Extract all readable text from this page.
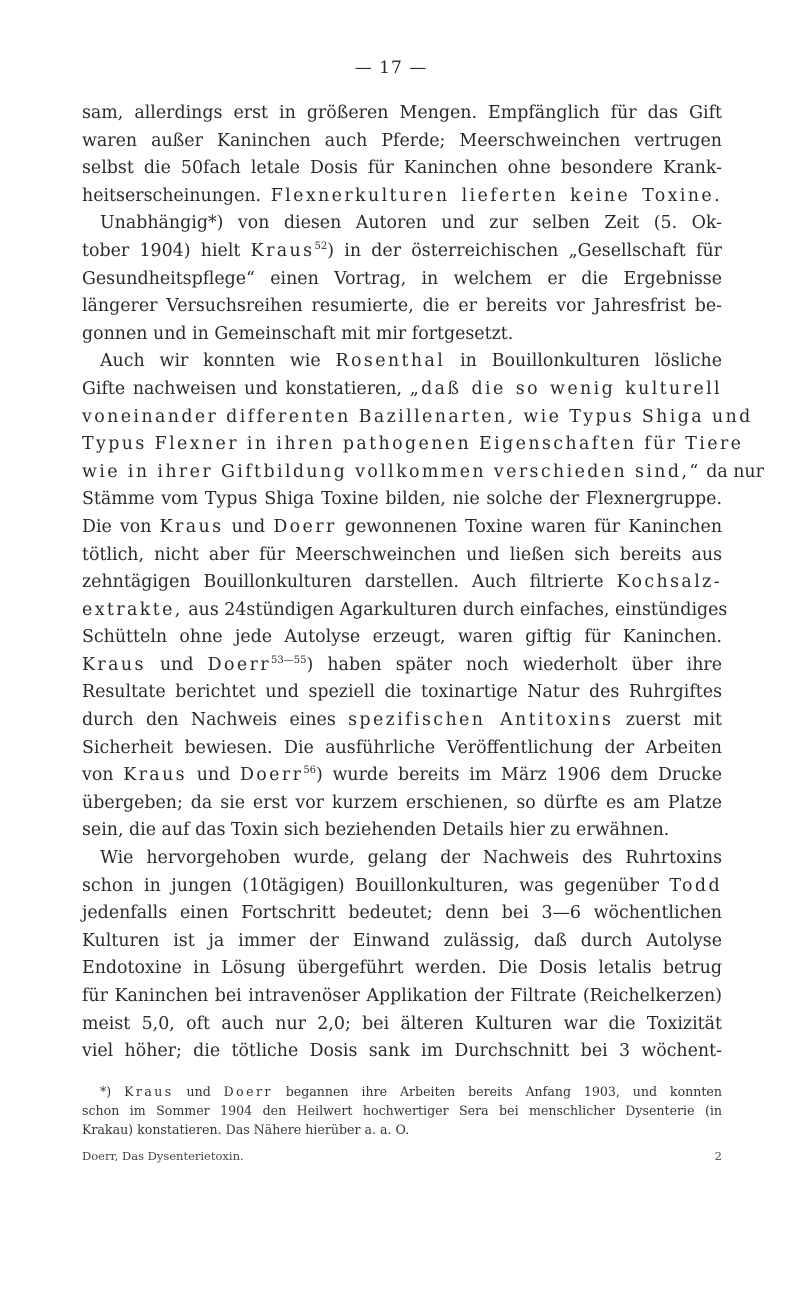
— 17 —
sam, allerdings erst in größeren Mengen. Empfänglich für das Gift
waren außer Kaninchen auch Pferde; Meerschweinchen vertrugen
selbst die 50fach letale Dosis für Kaninchen ohne besondere Krank-
heitserscheinungen. Flexnerkulturen lieferten keine Toxine.
Unabhängig*) von diesen Autoren und zur selben Zeit (5. Ok-
tober 1904) hielt Kraus$^{52}$) in der österreichischen „Gesellschaft für
Gesundheitspflege“ einen Vortrag, in welchem er die Ergebnisse
längerer Versuchsreihen resumierte, die er bereits vor Jahresfrist be-
gonnen und in Gemeinschaft mit mir fortgesetzt.
Auch wir konnten wie Rosenthal in Bouillonkulturen lösliche
Gifte nachweisen und konstatieren, „daß die so wenig kulturell
voneinander differenten Bazillenarten, wie Typus Shiga und
Typus Flexner in ihren pathogenen Eigenschaften für Tiere
wie in ihrer Giftbildung vollkommen verschieden sind,“ da nur
Stämme vom Typus Shiga Toxine bilden, nie solche der Flexnergruppe.
Die von Kraus und Doerr gewonnenen Toxine waren für Kaninchen
tötlich, nicht aber für Meerschweinchen und ließen sich bereits aus
zehntägigen Bouillonkulturen darstellen. Auch filtrierte Kochsalz-
extrakte, aus 24stündigen Agarkulturen durch einfaches, einstündiges
Schütteln ohne jede Autolyse erzeugt, waren giftig für Kaninchen.
Kraus und Doerr$^{53—55}$) haben später noch wiederholt über ihre
Resultate berichtet und speziell die toxinartige Natur des Ruhrgiftes
durch den Nachweis eines spezifischen Antitoxins zuerst mit
Sicherheit bewiesen. Die ausführliche Veröffentlichung der Arbeiten
von Kraus und Doerr$^{56}$) wurde bereits im März 1906 dem Drucke
übergeben; da sie erst vor kurzem erschienen, so dürfte es am Platze
sein, die auf das Toxin sich beziehenden Details hier zu erwähnen.
Wie hervorgehoben wurde, gelang der Nachweis des Ruhrtoxins
schon in jungen (10tägigen) Bouillonkulturen, was gegenüber Todd
jedenfalls einen Fortschritt bedeutet; denn bei 3—6 wöchentlichen
Kulturen ist ja immer der Einwand zulässig, daß durch Autolyse
Endotoxine in Lösung übergeführt werden. Die Dosis letalis betrug
für Kaninchen bei intravenöser Applikation der Filtrate (Reichelkerzen)
meist 5,0, oft auch nur 2,0; bei älteren Kulturen war die Toxizität
viel höher; die tötliche Dosis sank im Durchschnitt bei 3 wöchent-
*) Kraus und Doerr begannen ihre Arbeiten bereits Anfang 1903, und konnten
schon im Sommer 1904 den Heilwert hochwertiger Sera bei menschlicher Dysenterie (in
Krakau) konstatieren. Das Nähere hierüber a. a. O.
Doerr, Das Dysenterietoxin.	2
